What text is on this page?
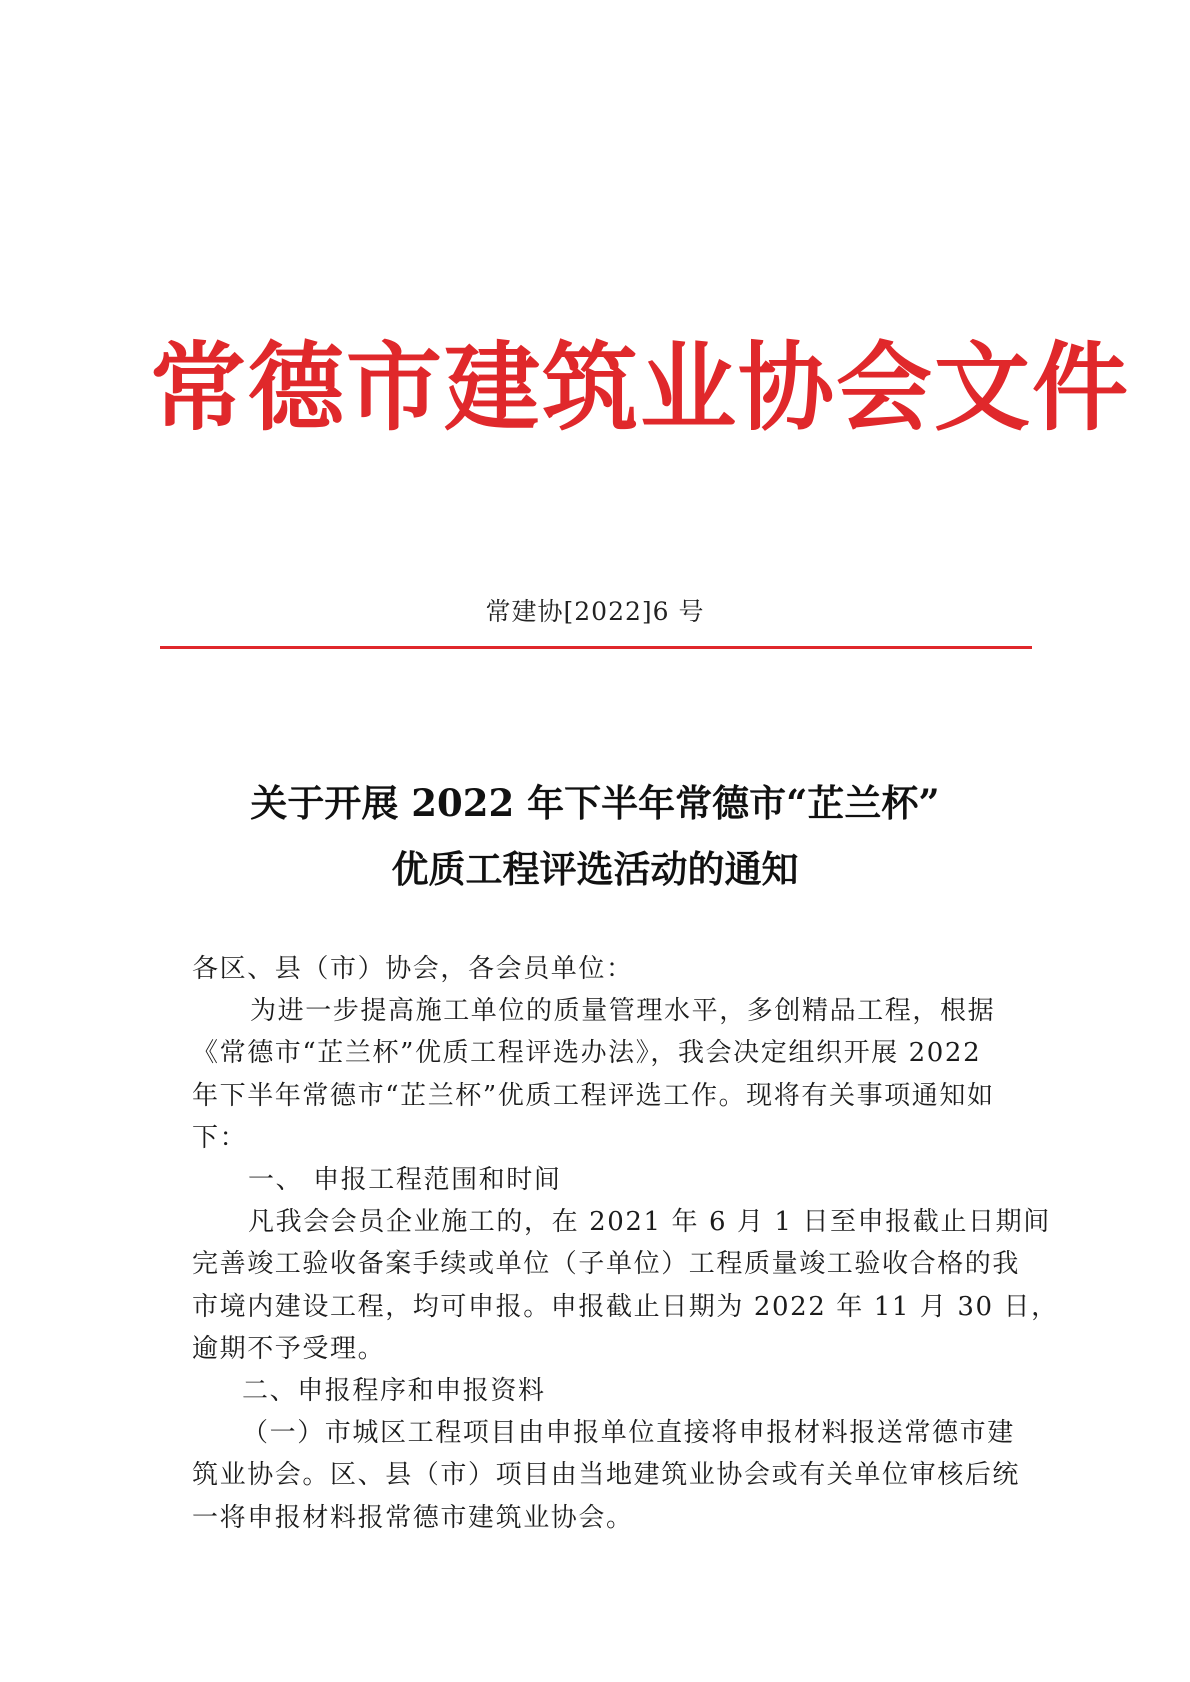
常德市建筑业协会文件
常建协[2022]6 号
关于开展 2022 年下半年常德市“芷兰杯”
优质工程评选活动的通知
各区、县（市）协会，各会员单位：
为进一步提高施工单位的质量管理水平，多创精品工程，根据
《常德市“芷兰杯”优质工程评选办法》，我会决定组织开展 2022
年下半年常德市“芷兰杯”优质工程评选工作。现将有关事项通知如
下：
一、 申报工程范围和时间
凡我会会员企业施工的，在 2021 年 6 月 1 日至申报截止日期间
完善竣工验收备案手续或单位（子单位）工程质量竣工验收合格的我
市境内建设工程，均可申报。申报截止日期为 2022 年 11 月 30 日，
逾期不予受理。
二、申报程序和申报资料
（一）市城区工程项目由申报单位直接将申报材料报送常德市建
筑业协会。区、县（市）项目由当地建筑业协会或有关单位审核后统
一将申报材料报常德市建筑业协会。
